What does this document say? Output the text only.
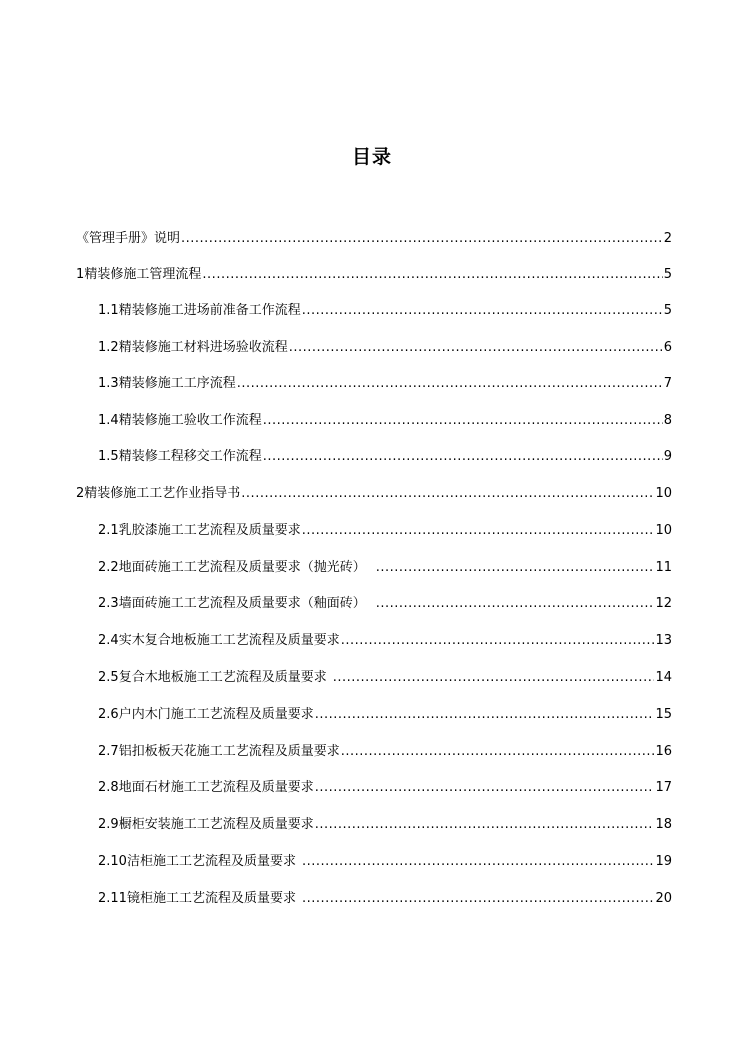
目录
《管理手册》说明 .....	2
1 精装修施工管理流程 .....	5
1.1 精装修施工进场前准备工作流程 .....	5
1.2 精装修施工材料进场验收流程 .....	6
1.3 精装修施工工序流程 .....	7
1.4 精装修施工验收工作流程 .....	8
1.5 精装修工程移交工作流程 .....	9
2 精装修施工工艺作业指导书 .....	10
2.1 乳胶漆施工工艺流程及质量要求 .....	10
2.2 地面砖施工工艺流程及质量要求（抛光砖） .....	11
2.3 墙面砖施工工艺流程及质量要求（釉面砖） .....	12
2.4 实木复合地板施工工艺流程及质量要求 .....	13
2.5 复合木地板施工工艺流程及质量要求 .....	14
2.6 户内木门施工工艺流程及质量要求 .....	15
2.7 铝扣板板天花施工工艺流程及质量要求 .....	16
2.8 地面石材施工工艺流程及质量要求 .....	17
2.9 橱柜安装施工工艺流程及质量要求 .....	18
2.10 洁柜施工工艺流程及质量要求 .....	19
2.11 镜柜施工工艺流程及质量要求 .....	20
